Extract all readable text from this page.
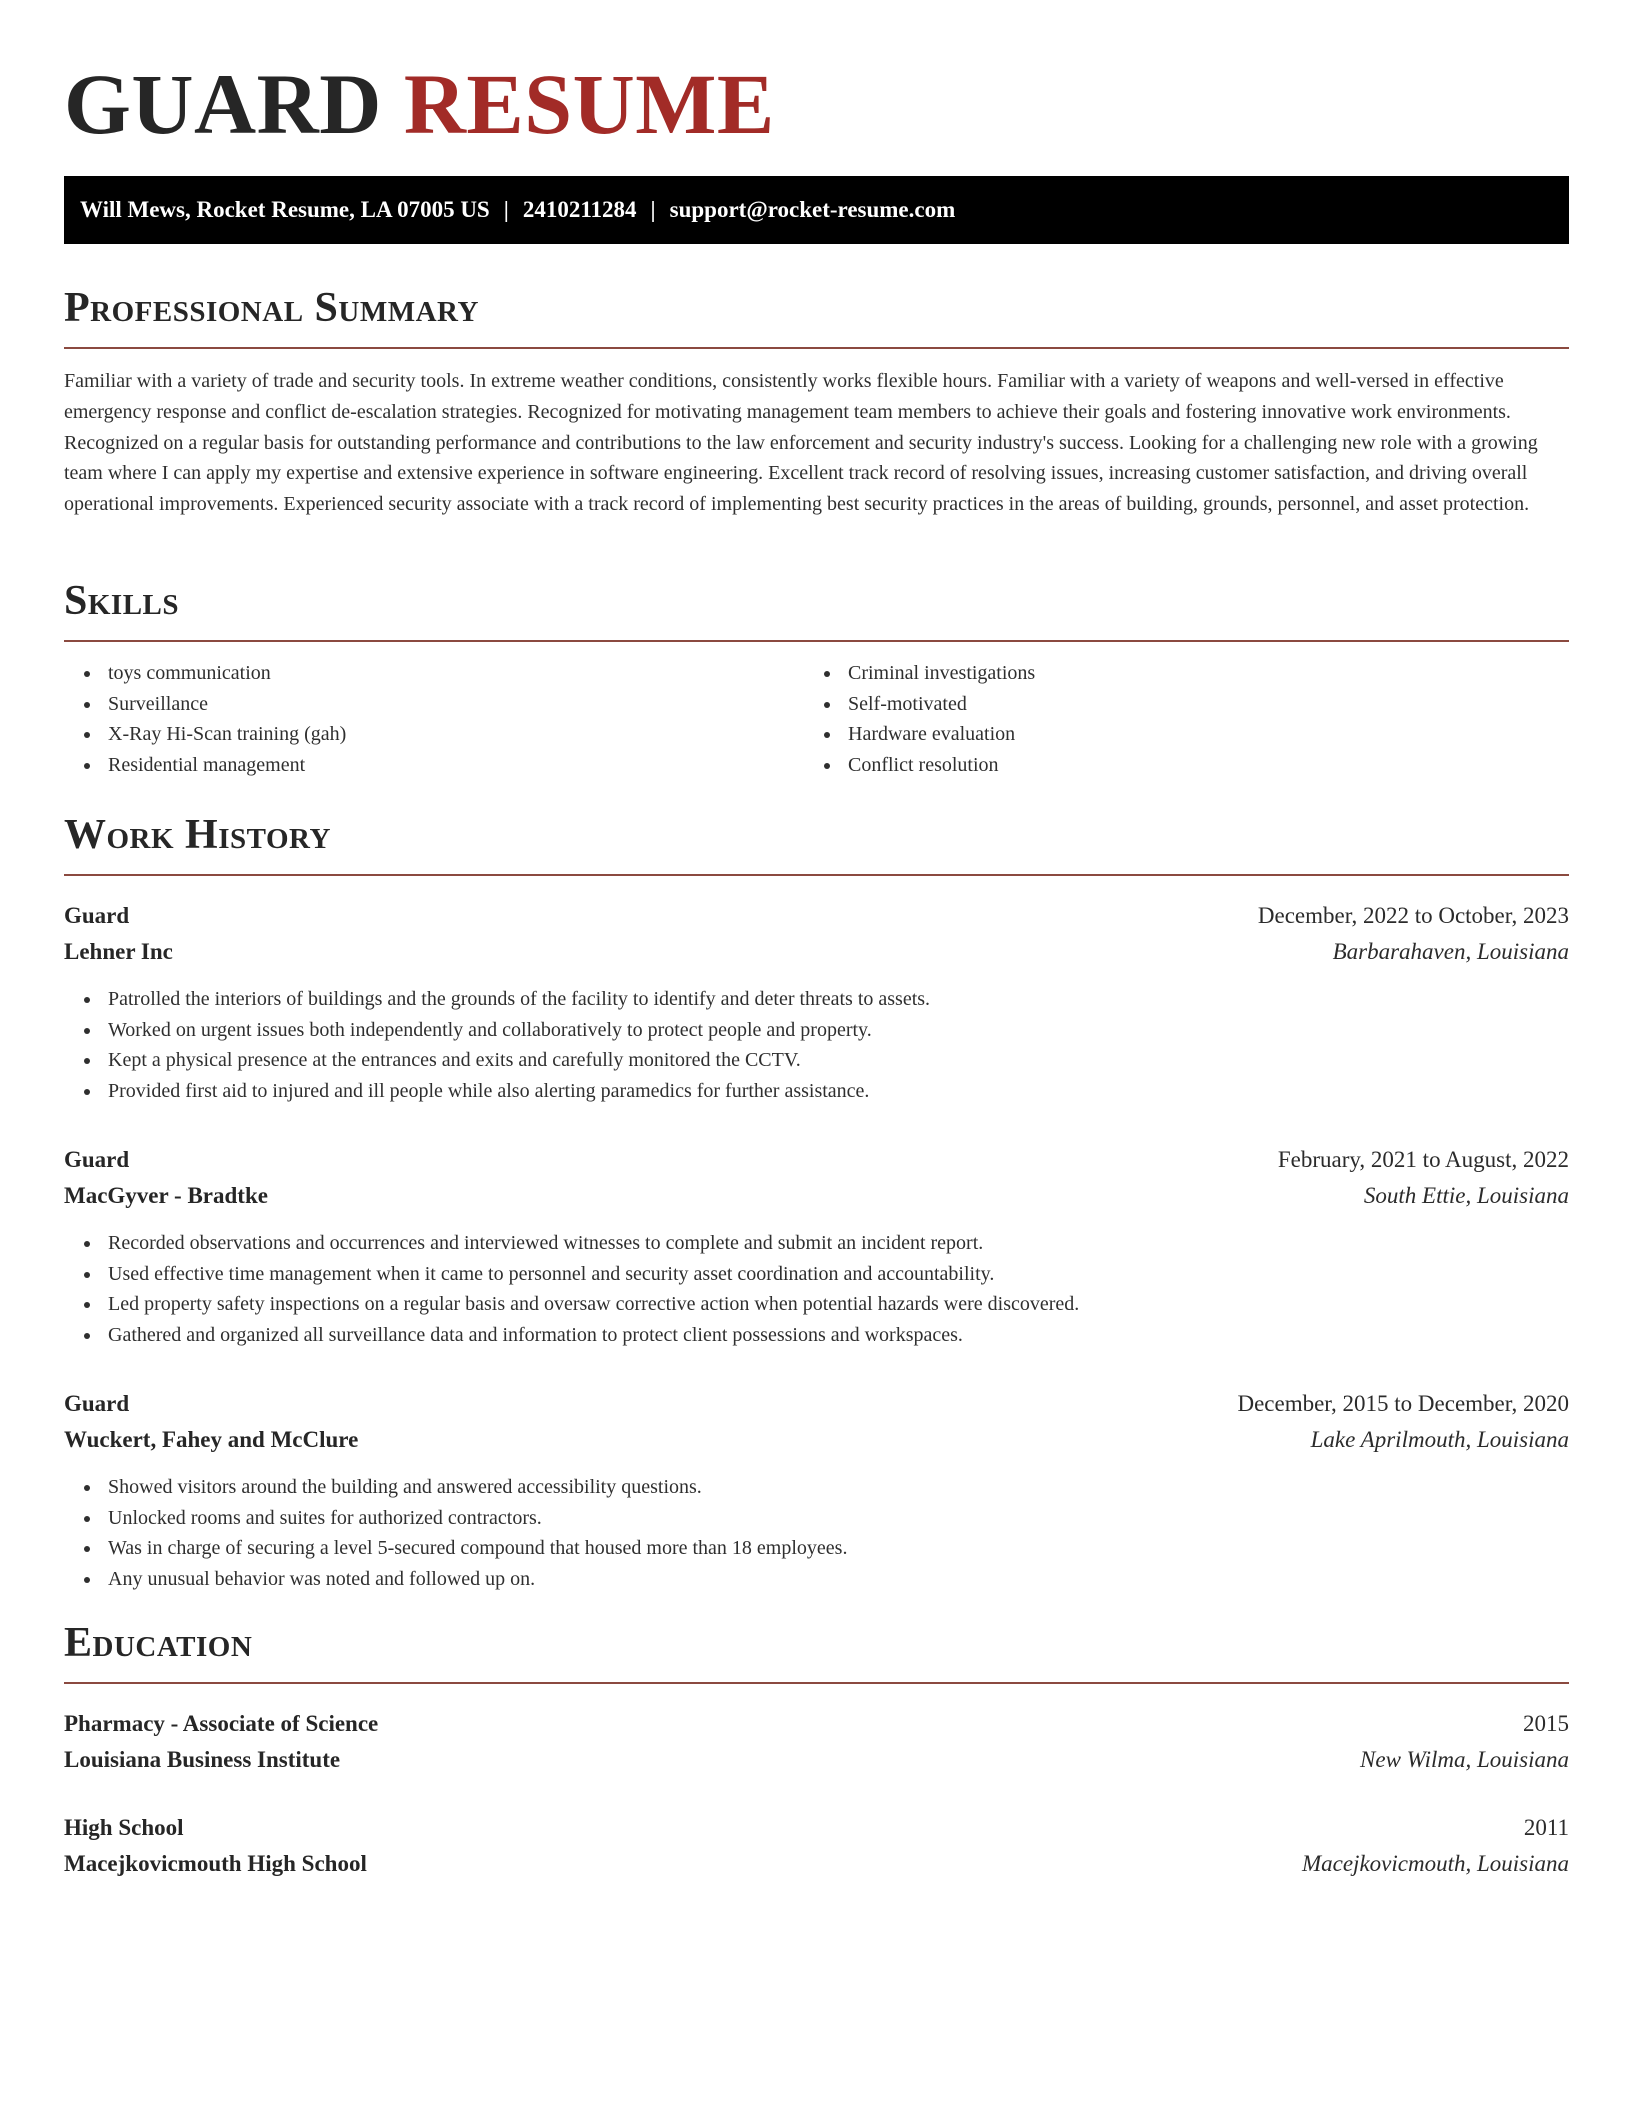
GUARD RESUME
Will Mews, Rocket Resume, LA 07005 US | 2410211284 | support@rocket-resume.com
Professional Summary

Familiar with a variety of trade and security tools. In extreme weather conditions, consistently works flexible hours. Familiar with a variety of weapons and well-versed in effective emergency response and conflict de-escalation strategies. Recognized for motivating management team members to achieve their goals and fostering innovative work environments. Recognized on a regular basis for outstanding performance and contributions to the law enforcement and security industry's success. Looking for a challenging new role with a growing team where I can apply my expertise and extensive experience in software engineering. Excellent track record of resolving issues, increasing customer satisfaction, and driving overall operational improvements. Experienced security associate with a track record of implementing best security practices in the areas of building, grounds, personnel, and asset protection.

Skills
toys communication
Surveillance
X-Ray Hi-Scan training (gah)
Residential management
Criminal investigations
Self-motivated
Hardware evaluation
Conflict resolution
Work History
Guard	December, 2022 to October, 2023
Lehner Inc	Barbarahaven, Louisiana
Patrolled the interiors of buildings and the grounds of the facility to identify and deter threats to assets.
Worked on urgent issues both independently and collaboratively to protect people and property.
Kept a physical presence at the entrances and exits and carefully monitored the CCTV.
Provided first aid to injured and ill people while also alerting paramedics for further assistance.
Guard	February, 2021 to August, 2022
MacGyver - Bradtke	South Ettie, Louisiana
Recorded observations and occurrences and interviewed witnesses to complete and submit an incident report.
Used effective time management when it came to personnel and security asset coordination and accountability.
Led property safety inspections on a regular basis and oversaw corrective action when potential hazards were discovered.
Gathered and organized all surveillance data and information to protect client possessions and workspaces.
Guard	December, 2015 to December, 2020
Wuckert, Fahey and McClure	Lake Aprilmouth, Louisiana
Showed visitors around the building and answered accessibility questions.
Unlocked rooms and suites for authorized contractors.
Was in charge of securing a level 5-secured compound that housed more than 18 employees.
Any unusual behavior was noted and followed up on.
Education
Pharmacy - Associate of Science	2015
Louisiana Business Institute	New Wilma, Louisiana
High School	2011
Macejkovicmouth High School	Macejkovicmouth, Louisiana
